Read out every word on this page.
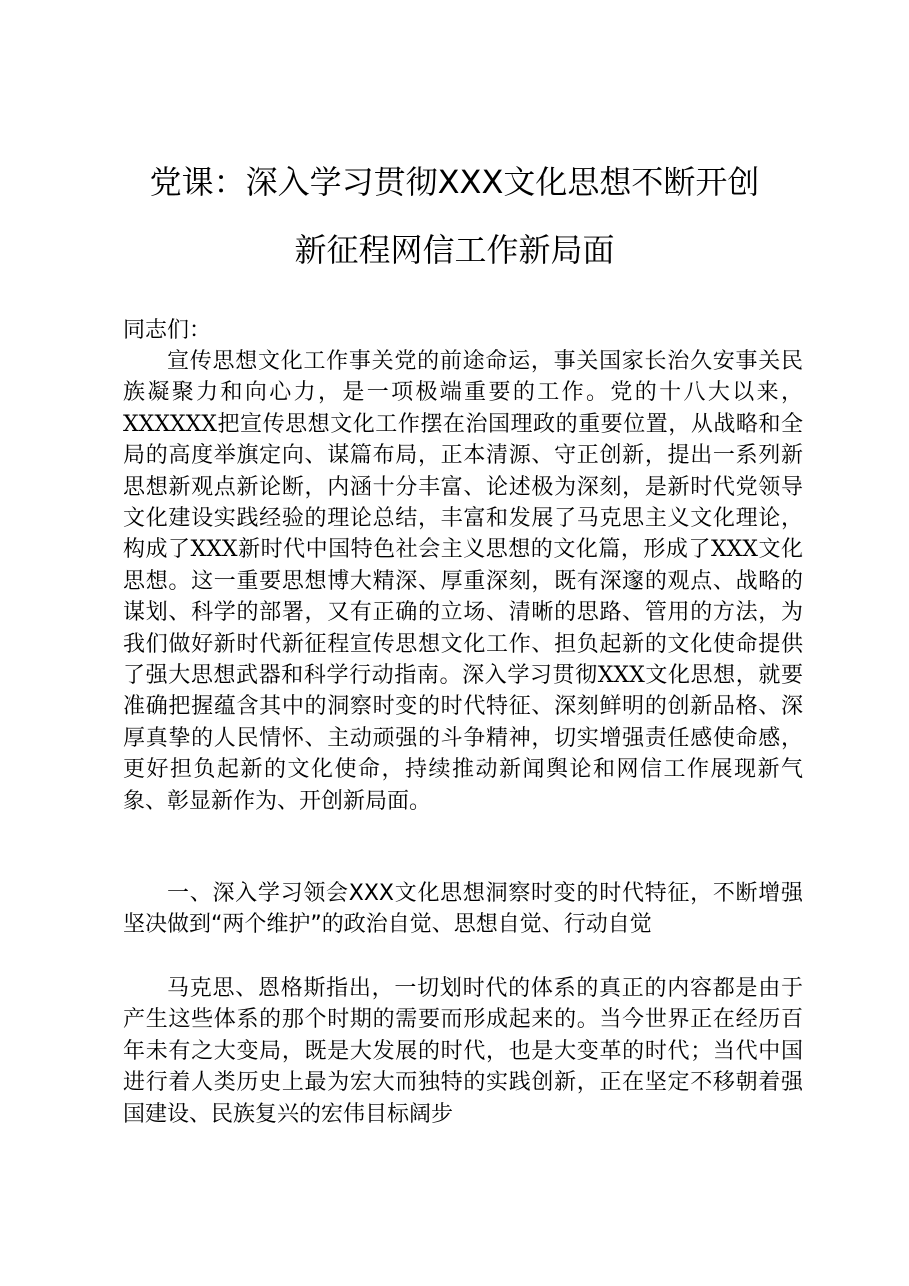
党课：深入学习贯彻XXX文化思想不断开创
新征程网信工作新局面
同志们：
宣传思想文化工作事关党的前途命运，事关国家长治久安事关民族凝聚力和向心力，是一项极端重要的工作。党的十八大以来，XXXXXX把宣传思想文化工作摆在治国理政的重要位置，从战略和全局的高度举旗定向、谋篇布局，正本清源、守正创新，提出一系列新思想新观点新论断，内涵十分丰富、论述极为深刻，是新时代党领导文化建设实践经验的理论总结，丰富和发展了马克思主义文化理论，构成了XXX新时代中国特色社会主义思想的文化篇，形成了XXX文化思想。这一重要思想博大精深、厚重深刻，既有深邃的观点、战略的谋划、科学的部署，又有正确的立场、清晰的思路、管用的方法，为我们做好新时代新征程宣传思想文化工作、担负起新的文化使命提供了强大思想武器和科学行动指南。深入学习贯彻XXX文化思想，就要准确把握蕴含其中的洞察时变的时代特征、深刻鲜明的创新品格、深厚真挚的人民情怀、主动顽强的斗争精神，切实增强责任感使命感，更好担负起新的文化使命，持续推动新闻舆论和网信工作展现新气象、彰显新作为、开创新局面。
一、深入学习领会XXX文化思想洞察时变的时代特征，不断增强坚决做到“两个维护”的政治自觉、思想自觉、行动自觉
马克思、恩格斯指出，一切划时代的体系的真正的内容都是由于产生这些体系的那个时期的需要而形成起来的。当今世界正在经历百年未有之大变局，既是大发展的时代，也是大变革的时代；当代中国进行着人类历史上最为宏大而独特的实践创新，正在坚定不移朝着强国建设、民族复兴的宏伟目标阔步
